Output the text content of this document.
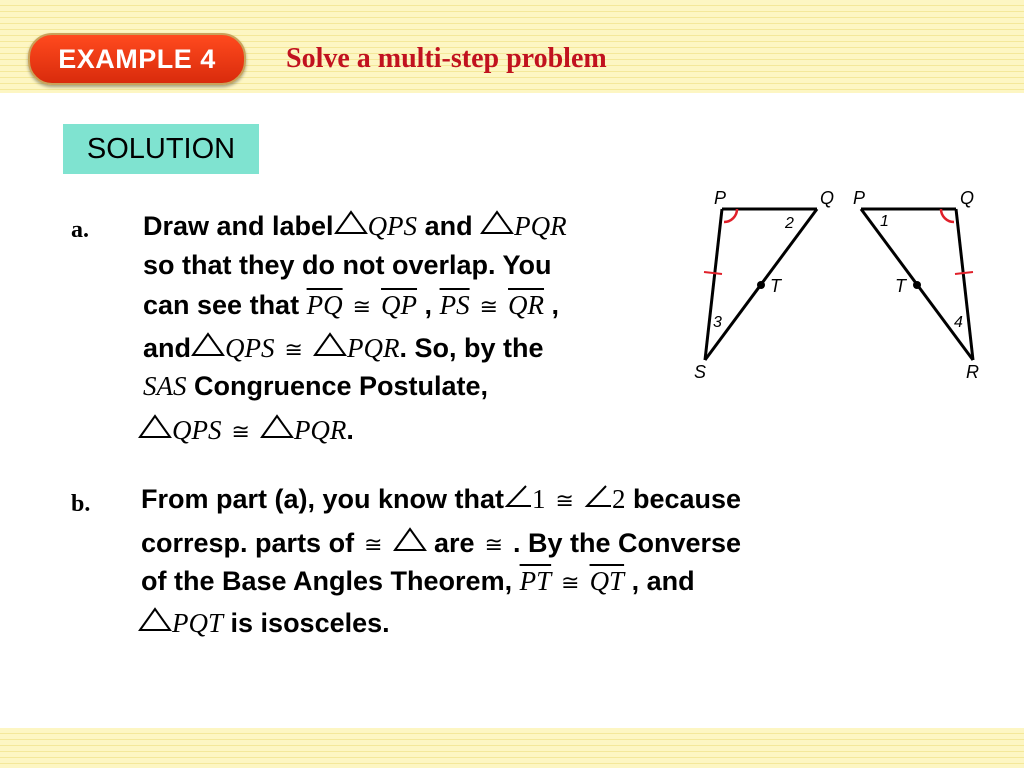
EXAMPLE 4	Solve a multi-step problem
SOLUTION
a. Draw and label QPS and PQR
so that they do not overlap. You
can see that $\overline{PQ}$ ≅ $\overline{QP}$ , $\overline{PS}$ ≅ $\overline{QR}$ ,
and QPS ≅ PQR. So, by the
SAS Congruence Postulate,
QPS ≅ PQR.
b. From part (a), you know that 1 ≅ 2 because
corresp. parts of ≅ are ≅ . By the Converse
of the Base Angles Theorem, $\overline{PT}$ ≅ $\overline{QT}$ , and
PQT is isosceles.
P	Q
S
T
2
3
P	Q
R
T
1
4
